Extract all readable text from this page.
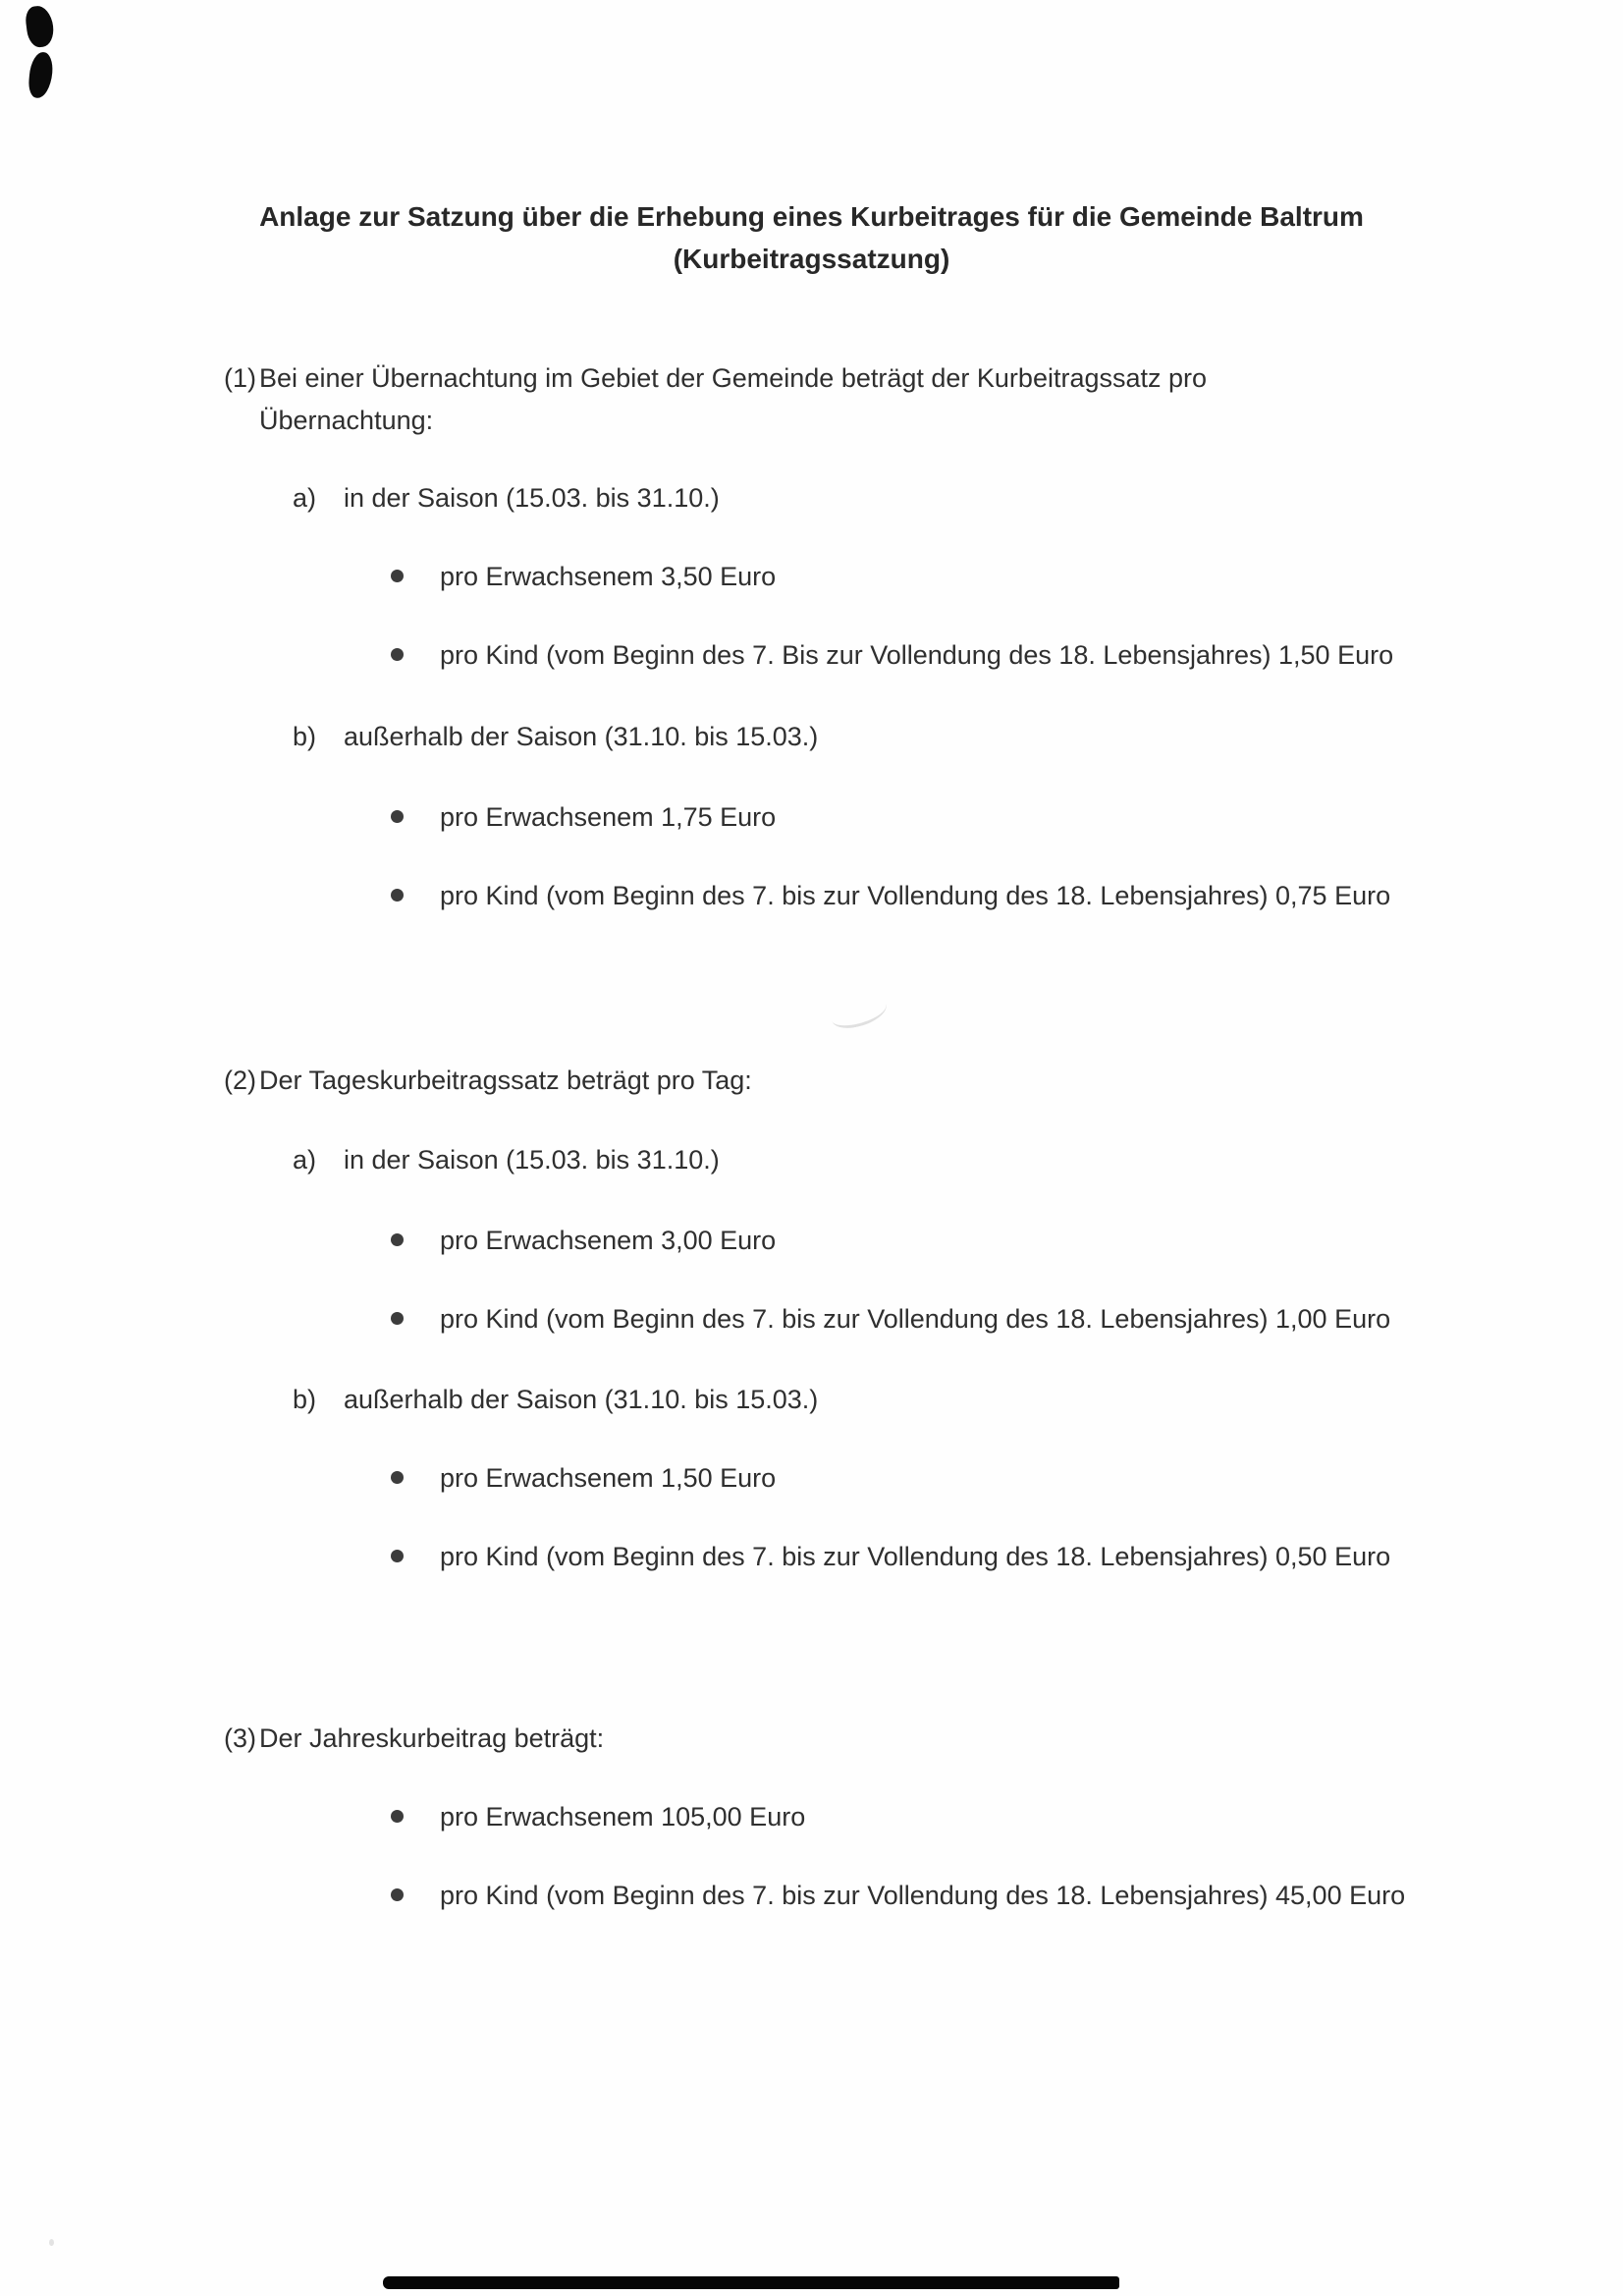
Anlage zur Satzung über die Erhebung eines Kurbeitrages für die Gemeinde Baltrum
(Kurbeitragssatzung)
(1) Bei einer Übernachtung im Gebiet der Gemeinde beträgt der Kurbeitragssatz pro
Übernachtung:
a) in der Saison (15.03. bis 31.10.)
pro Erwachsenem 3,50 Euro
pro Kind (vom Beginn des 7. Bis zur Vollendung des 18. Lebensjahres) 1,50 Euro
b) außerhalb der Saison (31.10. bis 15.03.)
pro Erwachsenem 1,75 Euro
pro Kind (vom Beginn des 7. bis zur Vollendung des 18. Lebensjahres) 0,75 Euro
(2) Der Tageskurbeitragssatz beträgt pro Tag:
a) in der Saison (15.03. bis 31.10.)
pro Erwachsenem 3,00 Euro
pro Kind (vom Beginn des 7. bis zur Vollendung des 18. Lebensjahres) 1,00 Euro
b) außerhalb der Saison (31.10. bis 15.03.)
pro Erwachsenem 1,50 Euro
pro Kind (vom Beginn des 7. bis zur Vollendung des 18. Lebensjahres) 0,50 Euro
(3) Der Jahreskurbeitrag beträgt:
pro Erwachsenem 105,00 Euro
pro Kind (vom Beginn des 7. bis zur Vollendung des 18. Lebensjahres) 45,00 Euro
